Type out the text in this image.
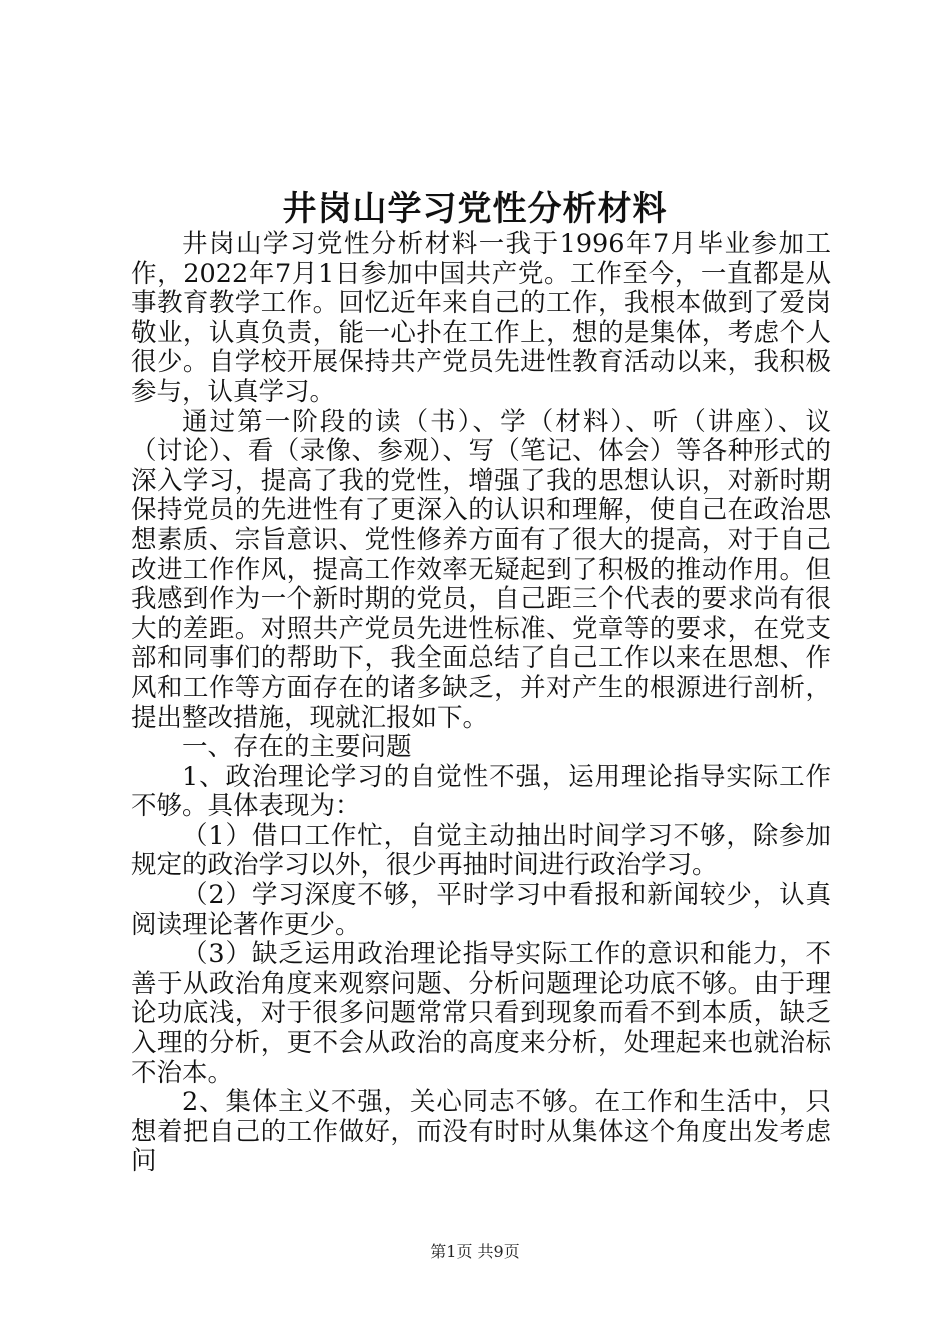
井岗山学习党性分析材料

井岗山学习党性分析材料一我于1996年7月毕业参加工作，2022年7月1日参加中国共产党。工作至今，一直都是从事教育教学工作。回忆近年来自己的工作，我根本做到了爱岗敬业，认真负责，能一心扑在工作上，想的是集体，考虑个人很少。自学校开展保持共产党员先进性教育活动以来，我积极参与，认真学习。

通过第一阶段的读（书）、学（材料）、听（讲座）、议（讨论）、看（录像、参观）、写（笔记、体会）等各种形式的深入学习，提高了我的党性，增强了我的思想认识，对新时期保持党员的先进性有了更深入的认识和理解，使自己在政治思想素质、宗旨意识、党性修养方面有了很大的提高，对于自己改进工作作风，提高工作效率无疑起到了积极的推动作用。但我感到作为一个新时期的党员，自己距三个代表的要求尚有很大的差距。对照共产党员先进性标准、党章等的要求，在党支部和同事们的帮助下，我全面总结了自己工作以来在思想、作风和工作等方面存在的诸多缺乏，并对产生的根源进行剖析，提出整改措施，现就汇报如下。

一、存在的主要问题

1、政治理论学习的自觉性不强，运用理论指导实际工作不够。具体表现为：

（1）借口工作忙，自觉主动抽出时间学习不够，除参加规定的政治学习以外，很少再抽时间进行政治学习。

（2）学习深度不够，平时学习中看报和新闻较少，认真阅读理论著作更少。

（3）缺乏运用政治理论指导实际工作的意识和能力，不善于从政治角度来观察问题、分析问题理论功底不够。由于理论功底浅，对于很多问题常常只看到现象而看不到本质，缺乏入理的分析，更不会从政治的高度来分析，处理起来也就治标不治本。

2、集体主义不强，关心同志不够。在工作和生活中，只想着把自己的工作做好，而没有时时从集体这个角度出发考虑问

第1页 共9页
